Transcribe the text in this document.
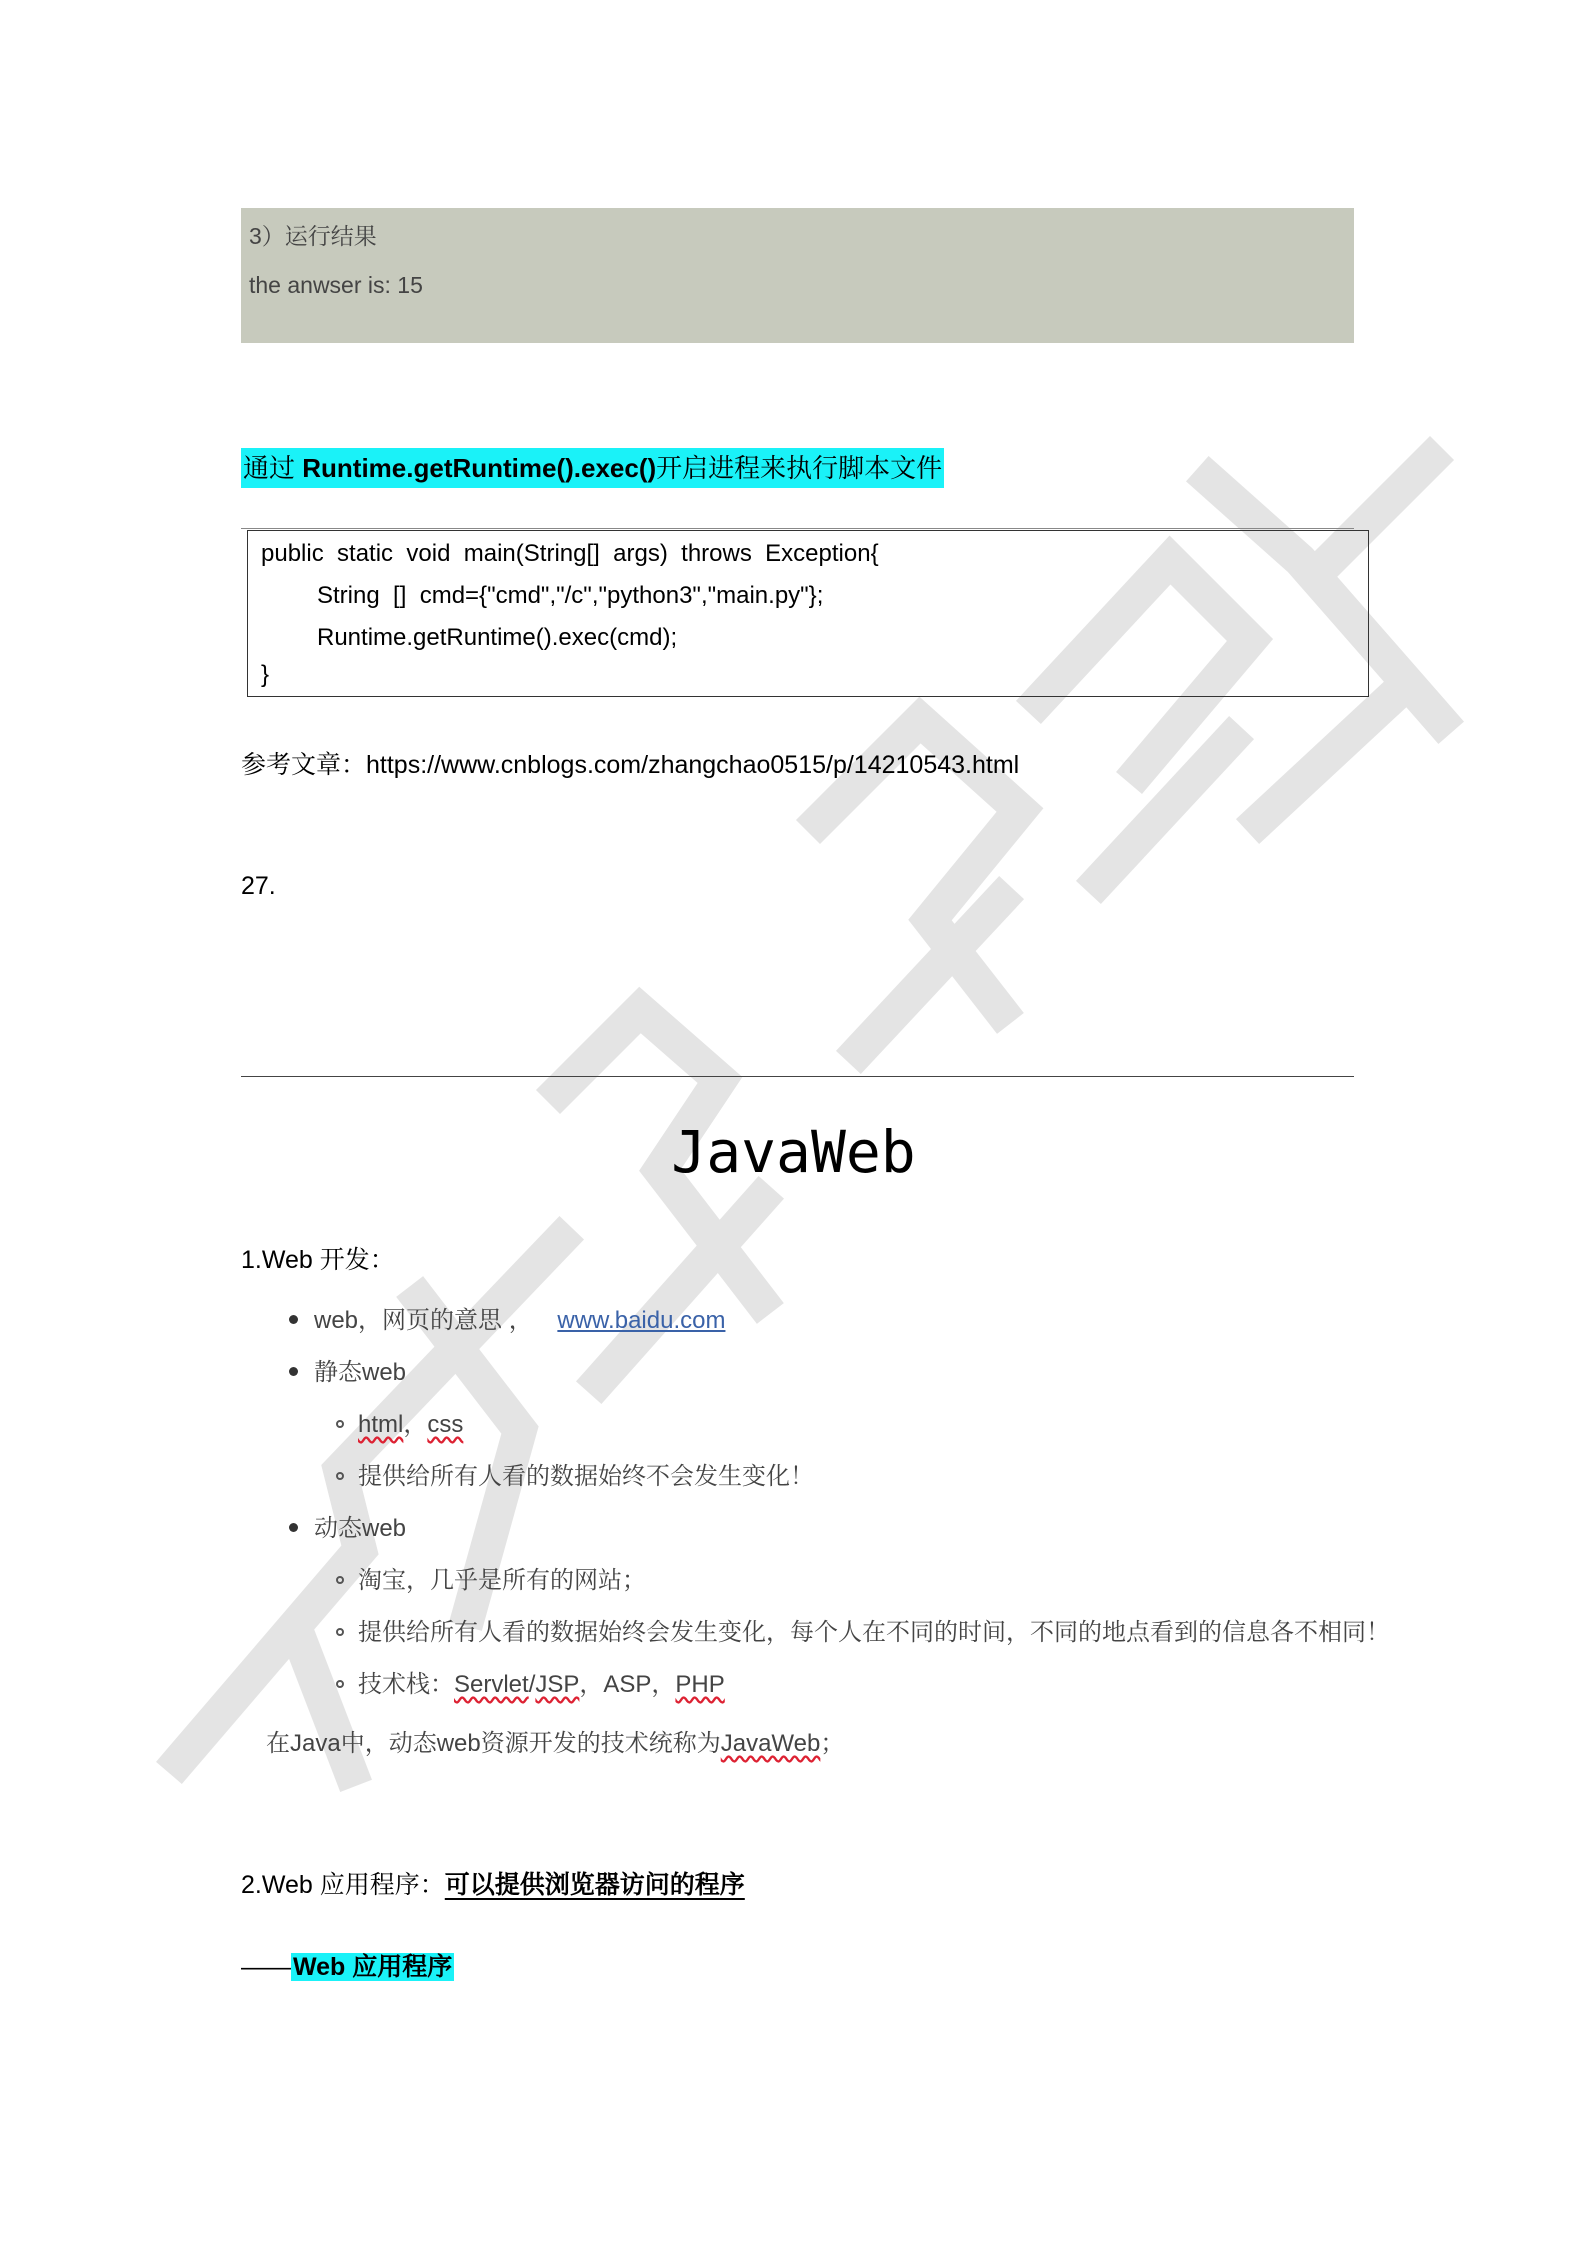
3）运行结果
the anwser is: 15
通过 Runtime.getRuntime().exec()开启进程来执行脚本文件
public  static  void  main(String[]  args)  throws  Exception{
String  []  cmd={"cmd","/c","python3","main.py"};
Runtime.getRuntime().exec(cmd);
}
参考文章：https://www.cnblogs.com/zhangchao0515/p/14210543.html
27.
JavaWeb
1.Web 开发：
web，网页的意思 ， www.baidu.com
静态web
html，css
提供给所有人看的数据始终不会发生变化！
动态web
淘宝，几乎是所有的网站；
提供给所有人看的数据始终会发生变化，每个人在不同的时间，不同的地点看到的信息各不相同！
技术栈：Servlet/JSP，ASP，PHP
在Java中，动态web资源开发的技术统称为JavaWeb；
2.Web 应用程序：可以提供浏览器访问的程序
——Web 应用程序
